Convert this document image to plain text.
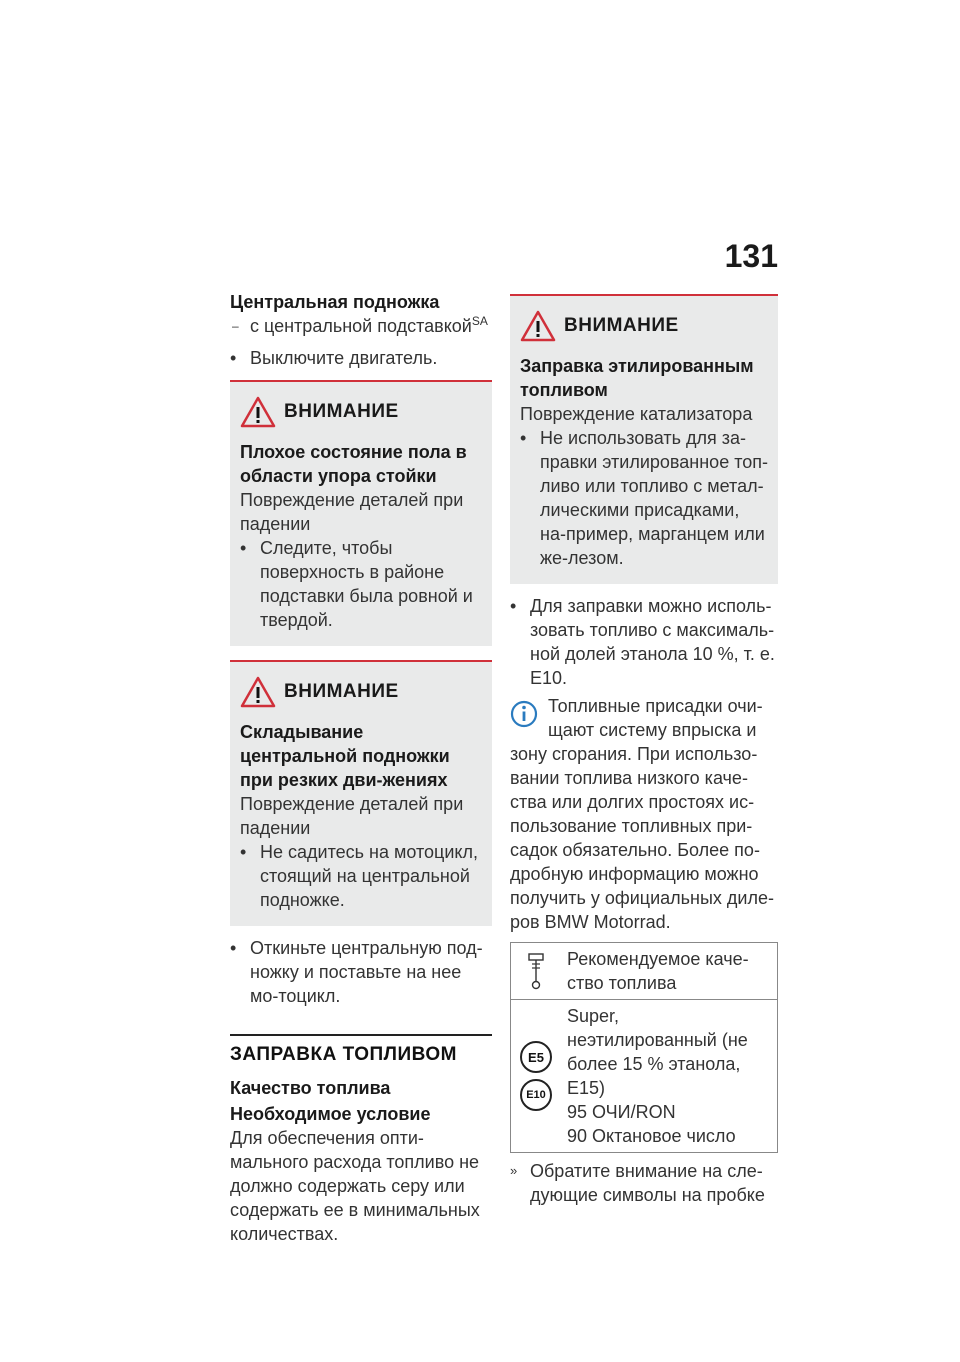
131
Центральная подножка
– с центральной подставкой$^{SA}$
• Выключите двигатель.
ВНИМАНИЕ
Плохое состояние пола в области упора стойки
Повреждение деталей при падении
• Следите, чтобы поверхность в районе подставки была ровной и твердой.
ВНИМАНИЕ
Складывание центральной подножки при резких дви-жениях
Повреждение деталей при падении
• Не садитесь на мотоцикл, стоящий на центральной подножке.
• Откиньте центральную под-ножку и поставьте на нее мо-тоцикл.
ЗАПРАВКА ТОПЛИВОМ
Качество топлива
Необходимое условие
Для обеспечения опти-мального расхода топливо не должно содержать серу или содержать ее в минимальных количествах.
ВНИМАНИЕ
Заправка этилированным топливом
Повреждение катализатора
• Не использовать для за-правки этилированное топ-ливо или топливо с метал-лическими присадками, на-пример, марганцем или же-лезом.
• Для заправки можно исполь-зовать топливо с максималь-ной долей этанола 10 %, т. е. E10.
Топливные присадки очи-щают систему впрыска и
зону сгорания. При использо-вании топлива низкого каче-ства или долгих простоях ис-пользование топливных при-садок обязательно. Более по-дробную информацию можно получить у официальных диле-ров BMW Motorrad.
Рекомендуемое каче-ство топлива
E5
E10
Super, неэтилированный (не более 15 % этанола, E15)
95 ОЧИ/RON
90 Октановое число
» Обратите внимание на сле-дующие символы на пробке
